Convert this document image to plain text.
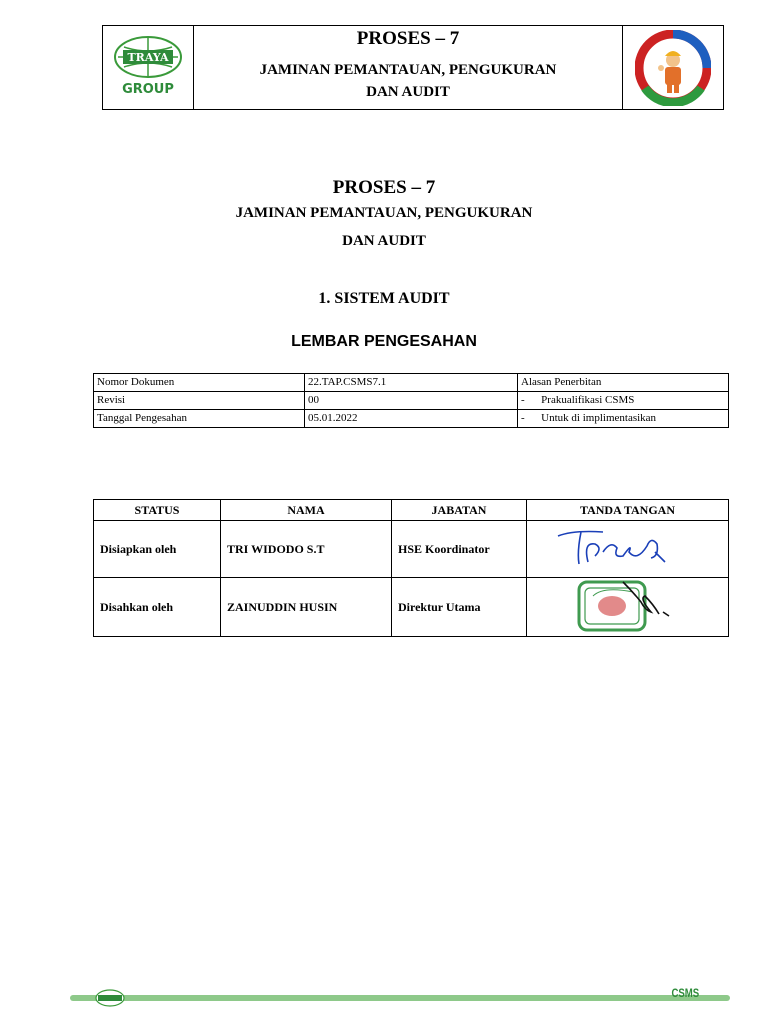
TRAYA
GROUP
PROSES – 7
JAMINAN PEMANTAUAN, PENGUKURAN
DAN AUDIT
PROSES – 7
JAMINAN PEMANTAUAN, PENGUKURAN
DAN AUDIT
1. SISTEM AUDIT
LEMBAR PENGESAHAN
Nomor Dokumen	22.TAP.CSMS7.1	Alasan Penerbitan
Revisi	00	-      Prakualifikasi CSMS
Tanggal Pengesahan	05.01.2022	-      Untuk di implimentasikan
STATUS	NAMA	JABATAN	TANDA TANGAN
Disiapkan oleh	TRI WIDODO S.T	HSE Koordinator	
Disahkan oleh	ZAINUDDIN HUSIN	Direktur Utama	
CSMS
